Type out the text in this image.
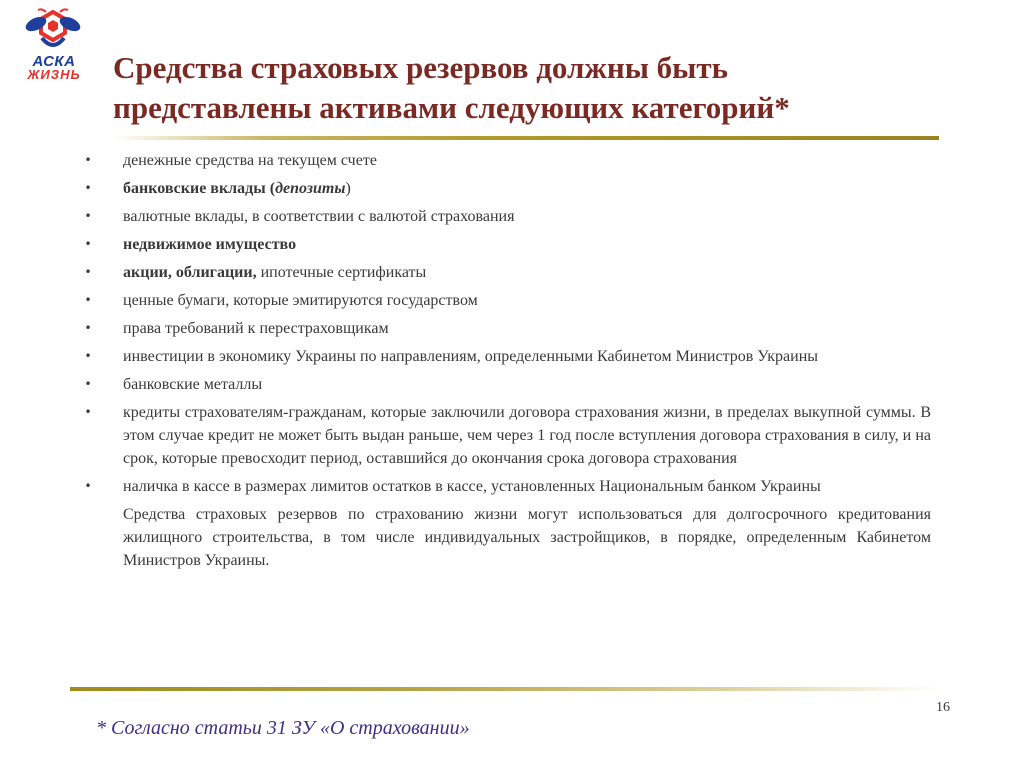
АСКА
ЖИЗНЬ	Средства страховых резервов должны быть представлены активами следующих категорий*
•	денежные средства на текущем счете
•	банковские вклады (депозиты)
•	валютные вклады, в соответствии с валютой страхования
•	недвижимое имущество
•	акции, облигации, ипотечные сертификаты
•	ценные бумаги, которые эмитируются государством
•	права требований к перестраховщикам
•	инвестиции в экономику Украины по направлениям, определенными Кабинетом Министров Украины
•	банковские металлы
•	кредиты страхователям-гражданам, которые заключили договора страхования жизни, в пределах выкупной суммы. В этом случае кредит не может быть выдан раньше, чем через 1 год после вступления договора страхования в силу, и на срок, которые превосходит период, оставшийся до окончания срока договора страхования
•	наличка в кассе в размерах лимитов остатков в кассе, установленных Национальным банком Украины
Средства страховых резервов по страхованию жизни могут использоваться для долгосрочного кредитования жилищного строительства, в том числе индивидуальных застройщиков, в порядке, определенным Кабинетом Министров Украины.
16
* Согласно статьи 31 ЗУ «О страховании»
